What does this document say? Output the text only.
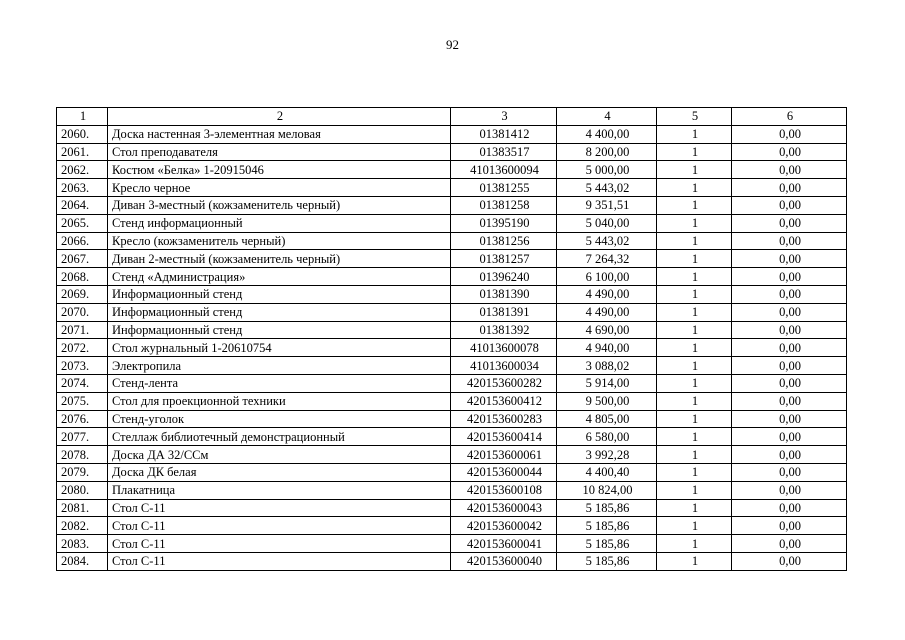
92
1	2	3	4	5	6
2060.	Доска настенная 3-элементная меловая	01381412	4 400,00	1	0,00
2061.	Стол преподавателя	01383517	8 200,00	1	0,00
2062.	Костюм «Белка» 1-20915046	41013600094	5 000,00	1	0,00
2063.	Кресло черное	01381255	5 443,02	1	0,00
2064.	Диван 3-местный (кожзаменитель черный)	01381258	9 351,51	1	0,00
2065.	Стенд информационный	01395190	5 040,00	1	0,00
2066.	Кресло (кожзаменитель черный)	01381256	5 443,02	1	0,00
2067.	Диван 2-местный (кожзаменитель черный)	01381257	7 264,32	1	0,00
2068.	Стенд «Администрация»	01396240	6 100,00	1	0,00
2069.	Информационный стенд	01381390	4 490,00	1	0,00
2070.	Информационный стенд	01381391	4 490,00	1	0,00
2071.	Информационный стенд	01381392	4 690,00	1	0,00
2072.	Стол журнальный 1-20610754	41013600078	4 940,00	1	0,00
2073.	Электропила	41013600034	3 088,02	1	0,00
2074.	Стенд-лента	420153600282	5 914,00	1	0,00
2075.	Стол для проекционной техники	420153600412	9 500,00	1	0,00
2076.	Стенд-уголок	420153600283	4 805,00	1	0,00
2077.	Стеллаж библиотечный демонстрационный	420153600414	6 580,00	1	0,00
2078.	Доска ДА 32/ССм	420153600061	3 992,28	1	0,00
2079.	Доска ДК белая	420153600044	4 400,40	1	0,00
2080.	Плакатница	420153600108	10 824,00	1	0,00
2081.	Стол С-11	420153600043	5 185,86	1	0,00
2082.	Стол С-11	420153600042	5 185,86	1	0,00
2083.	Стол С-11	420153600041	5 185,86	1	0,00
2084.	Стол С-11	420153600040	5 185,86	1	0,00
